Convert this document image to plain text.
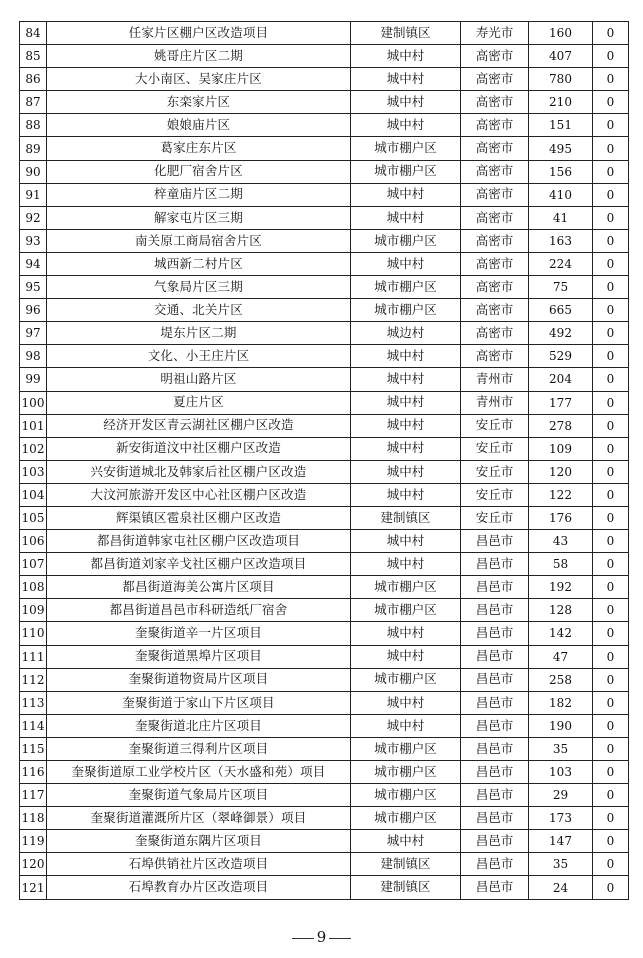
84	任家片区棚户区改造项目	建制镇区	寿光市	160	0
85	姚哥庄片区二期	城中村	高密市	407	0
86	大小南区、吴家庄片区	城中村	高密市	780	0
87	东栾家片区	城中村	高密市	210	0
88	娘娘庙片区	城中村	高密市	151	0
89	葛家庄东片区	城市棚户区	高密市	495	0
90	化肥厂宿舍片区	城市棚户区	高密市	156	0
91	梓童庙片区二期	城中村	高密市	410	0
92	解家屯片区三期	城中村	高密市	41	0
93	南关原工商局宿舍片区	城市棚户区	高密市	163	0
94	城西新二村片区	城中村	高密市	224	0
95	气象局片区三期	城市棚户区	高密市	75	0
96	交通、北关片区	城市棚户区	高密市	665	0
97	堤东片区二期	城边村	高密市	492	0
98	文化、小王庄片区	城中村	高密市	529	0
99	明祖山路片区	城中村	青州市	204	0
100	夏庄片区	城中村	青州市	177	0
101	经济开发区青云湖社区棚户区改造	城中村	安丘市	278	0
102	新安街道汶中社区棚户区改造	城中村	安丘市	109	0
103	兴安街道城北及韩家后社区棚户区改造	城中村	安丘市	120	0
104	大汶河旅游开发区中心社区棚户区改造	城中村	安丘市	122	0
105	辉渠镇区雹泉社区棚户区改造	建制镇区	安丘市	176	0
106	都昌街道韩家屯社区棚户区改造项目	城中村	昌邑市	43	0
107	都昌街道刘家辛戈社区棚户区改造项目	城中村	昌邑市	58	0
108	都昌街道海美公寓片区项目	城市棚户区	昌邑市	192	0
109	都昌街道昌邑市科研造纸厂宿舍	城市棚户区	昌邑市	128	0
110	奎聚街道辛一片区项目	城中村	昌邑市	142	0
111	奎聚街道黑埠片区项目	城中村	昌邑市	47	0
112	奎聚街道物资局片区项目	城市棚户区	昌邑市	258	0
113	奎聚街道于家山下片区项目	城中村	昌邑市	182	0
114	奎聚街道北庄片区项目	城中村	昌邑市	190	0
115	奎聚街道三得利片区项目	城市棚户区	昌邑市	35	0
116	奎聚街道原工业学校片区（天水盛和苑）项目	城市棚户区	昌邑市	103	0
117	奎聚街道气象局片区项目	城市棚户区	昌邑市	29	0
118	奎聚街道灌溉所片区（翠峰御景）项目	城市棚户区	昌邑市	173	0
119	奎聚街道东隅片区项目	城中村	昌邑市	147	0
120	石埠供销社片区改造项目	建制镇区	昌邑市	35	0
121	石埠教育办片区改造项目	建制镇区	昌邑市	24	0
9
